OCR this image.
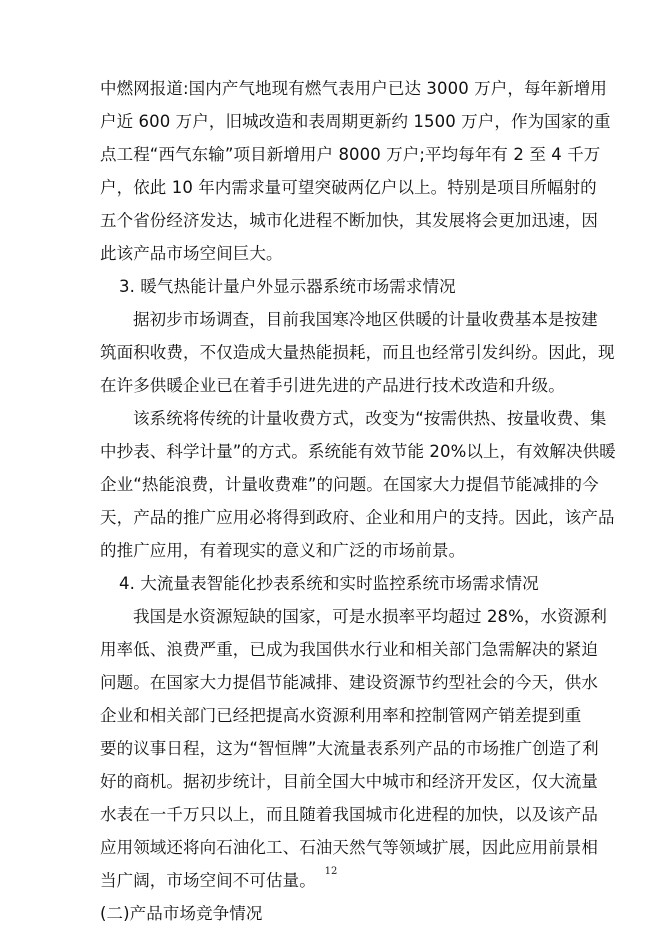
中燃网报道:国内产气地现有燃气表用户已达 3000 万户，每年新增用
户近 600 万户，旧城改造和表周期更新约 1500 万户，作为国家的重
点工程“西气东输”项目新增用户 8000 万户;平均每年有 2 至 4 千万
户，依此 10 年内需求量可望突破两亿户以上。特别是项目所幅射的
五个省份经济发达，城市化进程不断加快，其发展将会更加迅速，因
此该产品市场空间巨大。
3. 暖气热能计量户外显示器系统市场需求情况
据初步市场调查，目前我国寒冷地区供暖的计量收费基本是按建
筑面积收费，不仅造成大量热能损耗，而且也经常引发纠纷。因此，现
在许多供暖企业已在着手引进先进的产品进行技术改造和升级。
该系统将传统的计量收费方式，改变为“按需供热、按量收费、集
中抄表、科学计量”的方式。系统能有效节能 20%以上，有效解决供暖
企业“热能浪费，计量收费难”的问题。在国家大力提倡节能减排的今
天，产品的推广应用必将得到政府、企业和用户的支持。因此，该产品
的推广应用，有着现实的意义和广泛的市场前景。
4. 大流量表智能化抄表系统和实时监控系统市场需求情况
我国是水资源短缺的国家，可是水损率平均超过 28%，水资源利
用率低、浪费严重，已成为我国供水行业和相关部门急需解决的紧迫
问题。在国家大力提倡节能减排、建设资源节约型社会的今天，供水
企业和相关部门已经把提高水资源利用率和控制管网产销差提到重
要的议事日程，这为“智恒牌”大流量表系列产品的市场推广创造了利
好的商机。据初步统计，目前全国大中城市和经济开发区，仅大流量
水表在一千万只以上，而且随着我国城市化进程的加快，以及该产品
应用领域还将向石油化工、石油天然气等领域扩展，因此应用前景相
当广阔，市场空间不可估量。
(二)产品市场竞争情况
12
